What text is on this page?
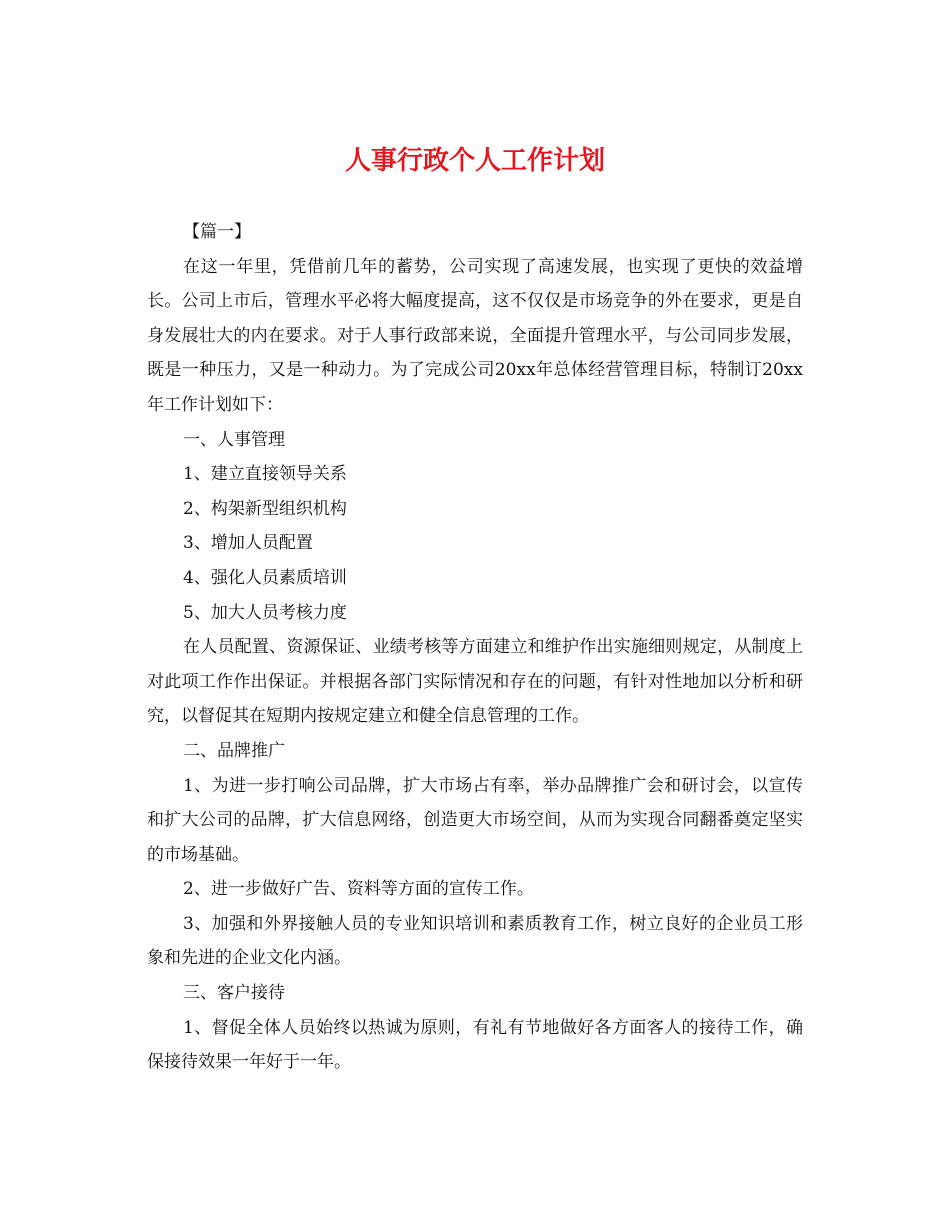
人事行政个人工作计划

【篇一】

在这一年里，凭借前几年的蓄势，公司实现了高速发展，也实现了更快的效益增长。公司上市后，管理水平必将大幅度提高，这不仅仅是市场竞争的外在要求，更是自身发展壮大的内在要求。对于人事行政部来说，全面提升管理水平，与公司同步发展，既是一种压力，又是一种动力。为了完成公司20xx年总体经营管理目标，特制订20xx年工作计划如下：

一、人事管理

1、建立直接领导关系

2、构架新型组织机构

3、增加人员配置

4、强化人员素质培训

5、加大人员考核力度

在人员配置、资源保证、业绩考核等方面建立和维护作出实施细则规定，从制度上对此项工作作出保证。并根据各部门实际情况和存在的问题，有针对性地加以分析和研究，以督促其在短期内按规定建立和健全信息管理的工作。

二、品牌推广

1、为进一步打响公司品牌，扩大市场占有率，举办品牌推广会和研讨会，以宣传和扩大公司的品牌，扩大信息网络，创造更大市场空间，从而为实现合同翻番奠定坚实的市场基础。

2、进一步做好广告、资料等方面的宣传工作。

3、加强和外界接触人员的专业知识培训和素质教育工作，树立良好的企业员工形象和先进的企业文化内涵。

三、客户接待

1、督促全体人员始终以热诚为原则，有礼有节地做好各方面客人的接待工作，确保接待效果一年好于一年。
